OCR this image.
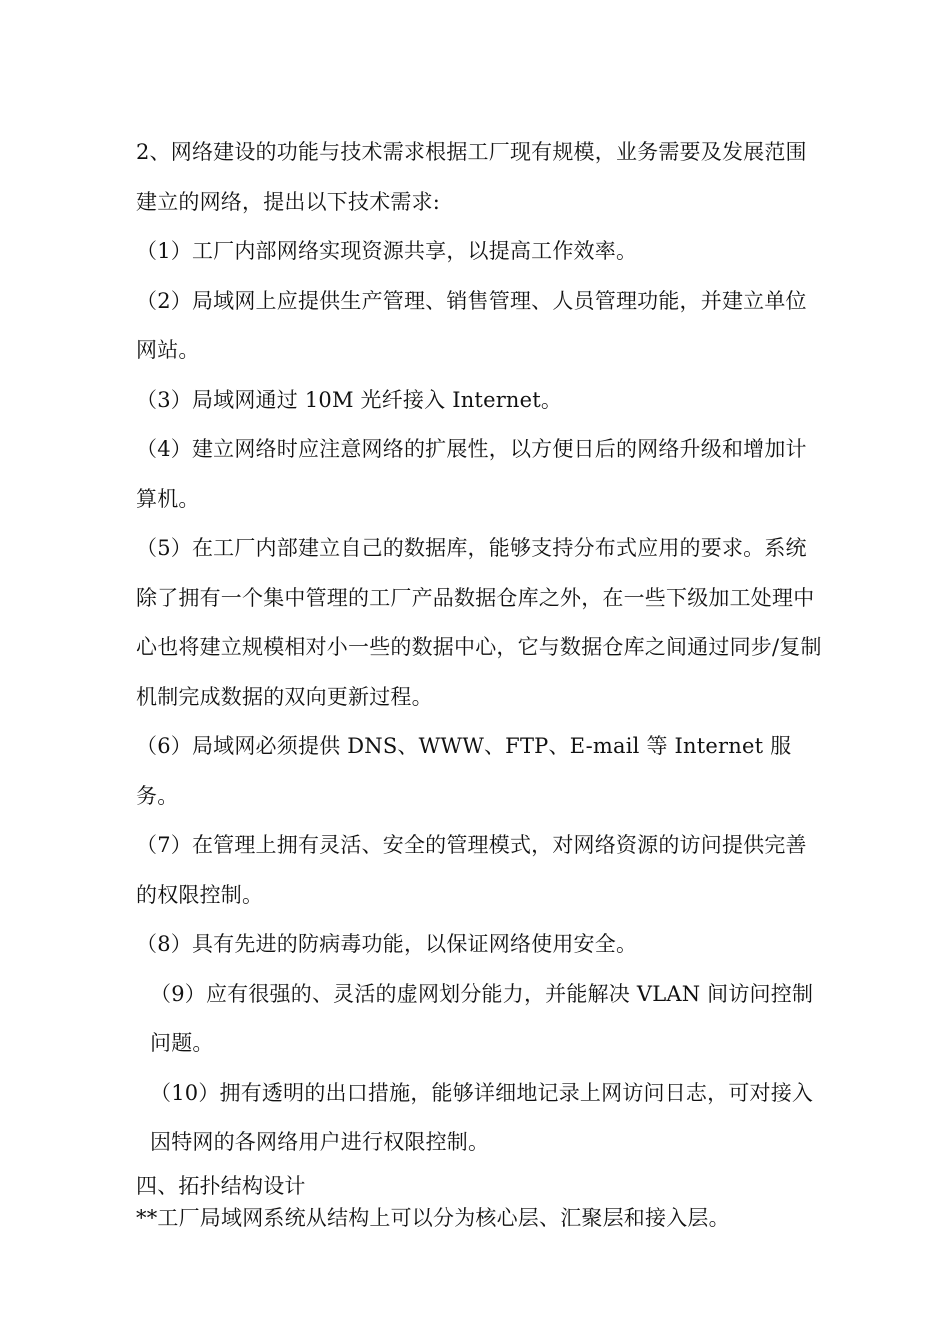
2、网络建设的功能与技术需求根据工厂现有规模，业务需要及发展范围建立的网络，提出以下技术需求:

（1）工厂内部网络实现资源共享，以提高工作效率。

（2）局域网上应提供生产管理、销售管理、人员管理功能，并建立单位网站。

（3）局域网通过 10M 光纤接入 Internet。

（4）建立网络时应注意网络的扩展性，以方便日后的网络升级和增加计算机。

（5）在工厂内部建立自己的数据库，能够支持分布式应用的要求。系统除了拥有一个集中管理的工厂产品数据仓库之外，在一些下级加工处理中心也将建立规模相对小一些的数据中心，它与数据仓库之间通过同步/复制机制完成数据的双向更新过程。

（6）局域网必须提供 DNS、WWW、FTP、E-mail 等 Internet 服务。

（7）在管理上拥有灵活、安全的管理模式，对网络资源的访问提供完善的权限控制。

（8）具有先进的防病毒功能，以保证网络使用安全。

（9）应有很强的、灵活的虚网划分能力，并能解决 VLAN 间访问控制问题。

（10）拥有透明的出口措施，能够详细地记录上网访问日志，可对接入因特网的各网络用户进行权限控制。

四、拓扑结构设计

**工厂局域网系统从结构上可以分为核心层、汇聚层和接入层。
